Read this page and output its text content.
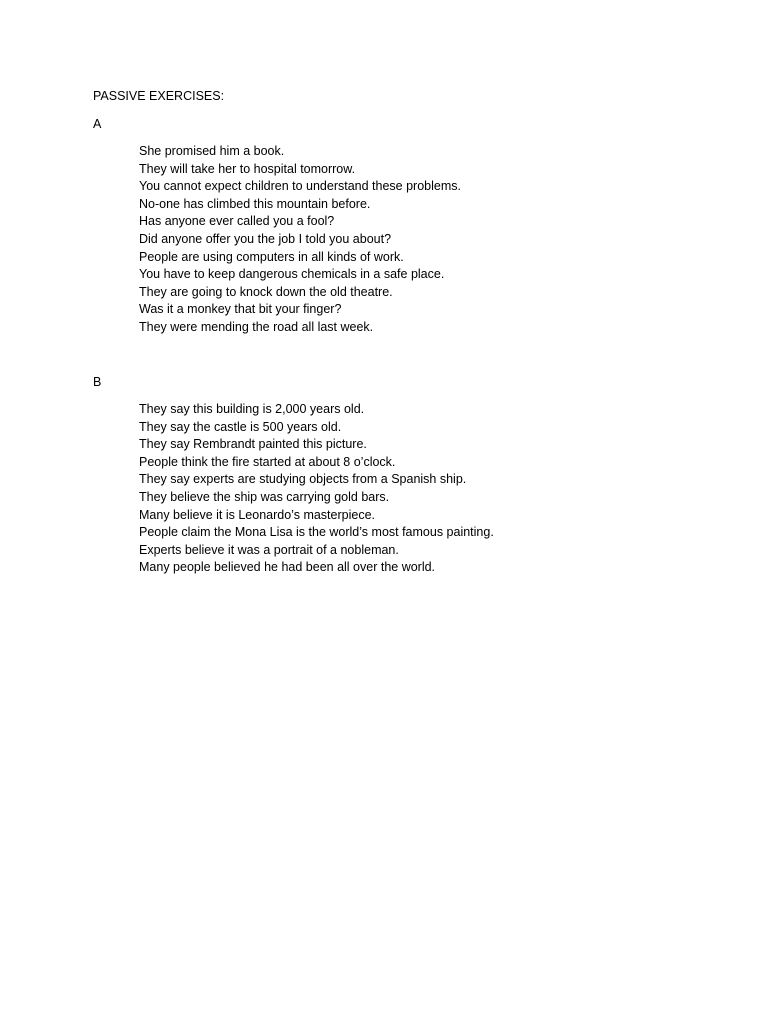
PASSIVE EXERCISES:
A
She promised him a book.
They will take her to hospital tomorrow.
You cannot expect children to understand these problems.
No-one has climbed this mountain before.
Has anyone ever called you a fool?
Did anyone offer you the job I told you about?
People are using computers in all kinds of work.
You have to keep dangerous chemicals in a safe place.
They are going to knock down the old theatre.
Was it a monkey that bit your finger?
They were mending the road all last week.
B
They say this building is 2,000 years old.
They say the castle is 500 years old.
They say Rembrandt painted this picture.
People think the fire started at about 8 o’clock.
They say experts are studying objects from a Spanish ship.
They believe the ship was carrying gold bars.
Many believe it is Leonardo’s masterpiece.
People claim the Mona Lisa is the world’s most famous painting.
Experts believe it was a portrait of a nobleman.
Many people believed he had been all over the world.
